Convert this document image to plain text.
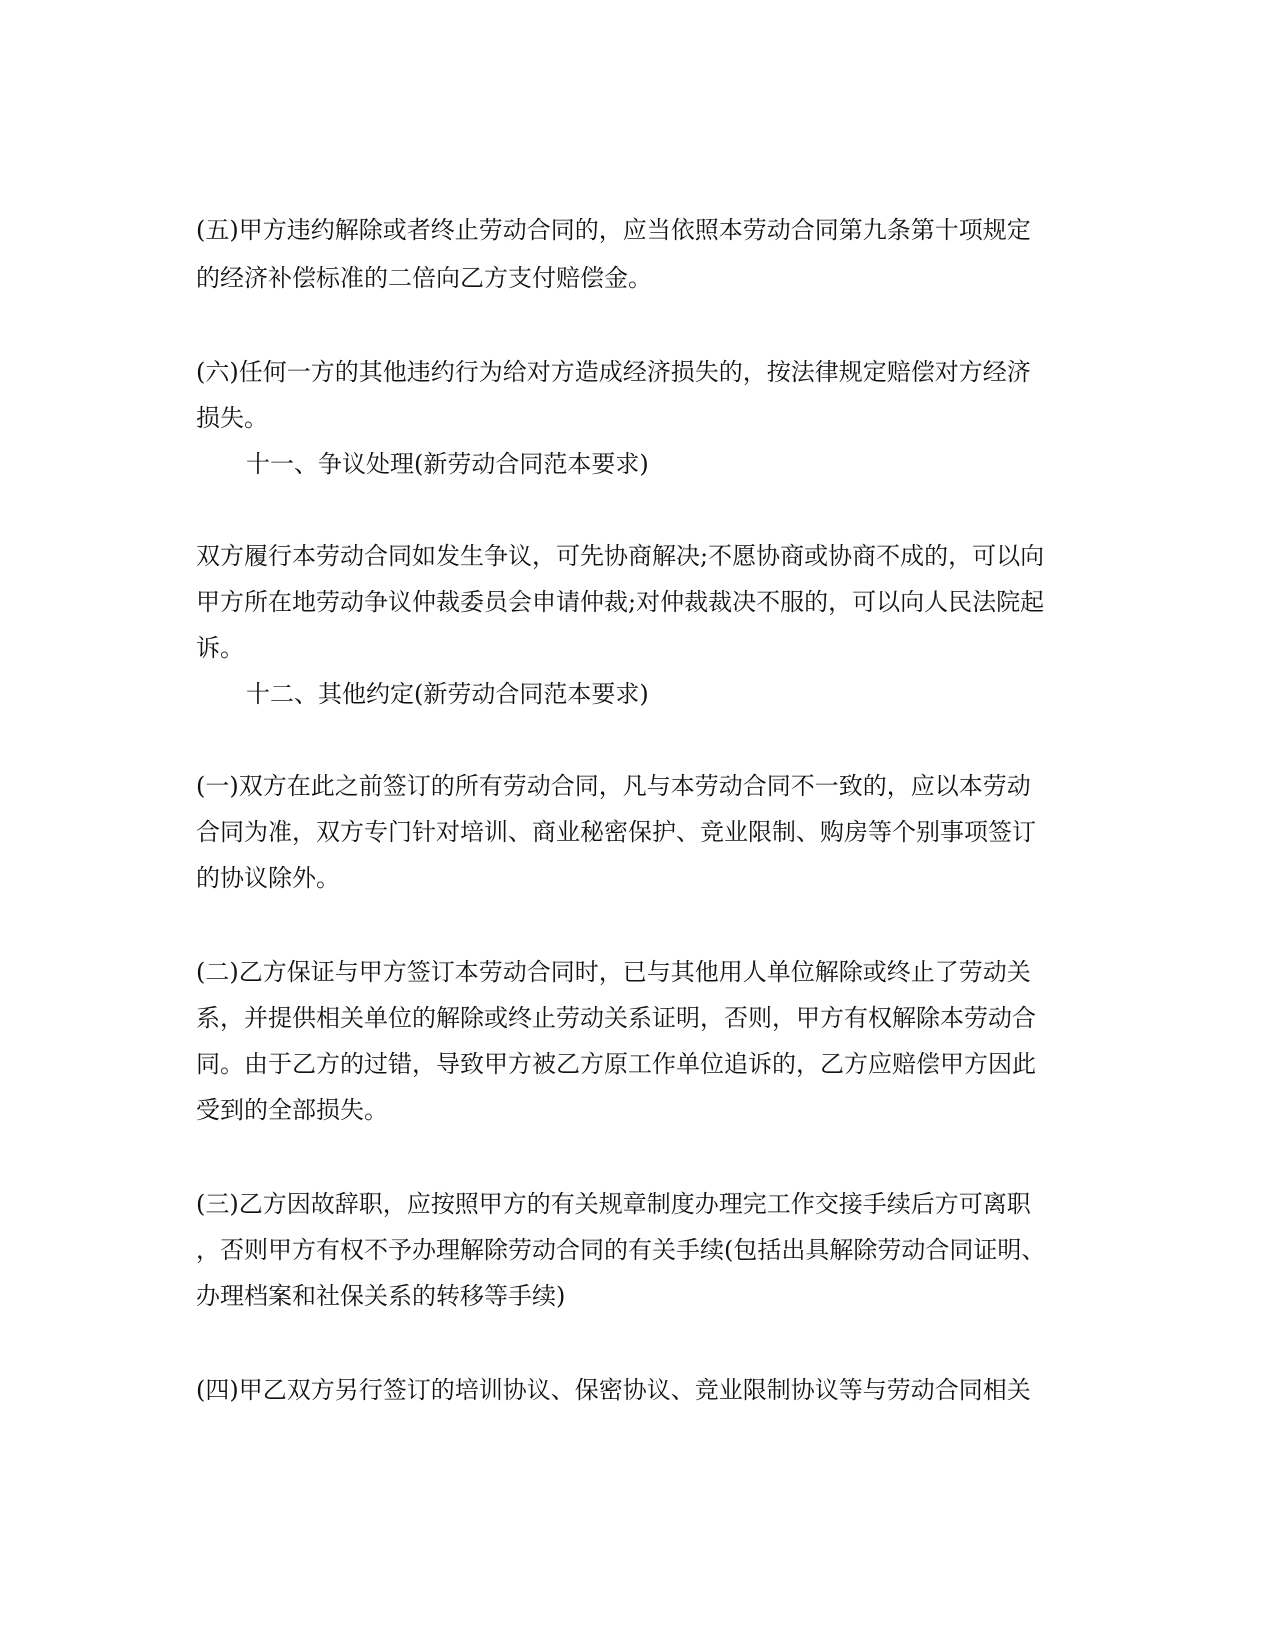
(五)甲方违约解除或者终止劳动合同的，应当依照本劳动合同第九条第十项规定
的经济补偿标准的二倍向乙方支付赔偿金。
(六)任何一方的其他违约行为给对方造成经济损失的，按法律规定赔偿对方经济
损失。
十一、争议处理(新劳动合同范本要求)
双方履行本劳动合同如发生争议，可先协商解决;不愿协商或协商不成的，可以向
甲方所在地劳动争议仲裁委员会申请仲裁;对仲裁裁决不服的，可以向人民法院起
诉。
十二、其他约定(新劳动合同范本要求)
(一)双方在此之前签订的所有劳动合同，凡与本劳动合同不一致的，应以本劳动
合同为准，双方专门针对培训、商业秘密保护、竞业限制、购房等个别事项签订
的协议除外。
(二)乙方保证与甲方签订本劳动合同时，已与其他用人单位解除或终止了劳动关
系，并提供相关单位的解除或终止劳动关系证明，否则，甲方有权解除本劳动合
同。由于乙方的过错，导致甲方被乙方原工作单位追诉的，乙方应赔偿甲方因此
受到的全部损失。
(三)乙方因故辞职，应按照甲方的有关规章制度办理完工作交接手续后方可离职
，否则甲方有权不予办理解除劳动合同的有关手续(包括出具解除劳动合同证明、
办理档案和社保关系的转移等手续)
(四)甲乙双方另行签订的培训协议、保密协议、竞业限制协议等与劳动合同相关
